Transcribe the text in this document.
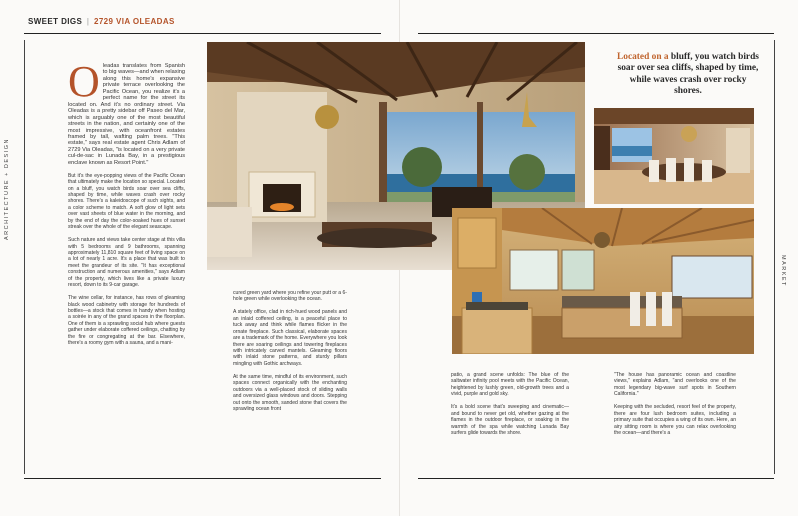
SWEET DIGS | 2729 VIA OLEADAS
ARCHITECTURE + DESIGN
MARKET
O leadas translates from Spanish to big waves—and when relaxing along this home's expansive private terrace overlooking the Pacific Ocean, you realize it's a perfect name for the street its located on. And it's no ordinary street. Via Oleadas is a pretty sidebar off Paseo del Mar, which is arguably one of the most beautiful streets in the nation, and certainly one of the most impressive, with oceanfront estates framed by tall, wafting palm trees. "This estate," says real estate agent Chris Adlam of 2729 Via Oleadas, "is located on a very private cul-de-sac in Lunada Bay, in a prestigious enclave known as Resort Point."

But it's the eye-popping views of the Pacific Ocean that ultimately make the location so special. Located on a bluff, you watch birds soar over sea cliffs, shaped by time, while waves crash over rocky shores. There's a kaleidoscope of such sights, and a color scheme to match. A soft glow of light sets over vast sheets of blue water in the morning, and by the end of day the color-soaked hues of sunset streak over the whole of the elegant seascape.

Such nature and views take center stage at this villa with 5 bedrooms and 9 bathrooms, spanning approximately 11,810 square feet of living space on a lot of nearly 1 acre. It's a place that was built to meet the grandeur of its site. "It has exceptional construction and numerous amenities," says Adlam of the property, which lives like a private luxury resort, down to its 9-car garage.

The wine cellar, for instance, has rows of gleaming black wood cabinetry with storage for hundreds of bottles—a stock that comes in handy when hosting a soirée in any of the grand spaces in the floorplan. One of them is a sprawling social hub where guests gather under elaborate coffered ceilings, chatting by the fire or congregating at the bar. Elsewhere, there's a roomy gym with a sauna, and a mani-

cured green yard where you refine your putt or a 6-hole green while overlooking the ocean.

A stately office, clad in rich-hued wood panels and an inlaid coffered ceiling, is a peaceful place to tuck away and think while flames flicker in the ornate fireplace. Such classical, elaborate spaces are a trademark of the home. Everywhere you look there are soaring ceilings and towering fireplaces with intricately carved mantels. Gleaming floors with inlaid stone patterns, and sturdy pillars mingling with Gothic archways.

At the same time, mindful of its environment, such spaces connect organically with the enchanting outdoors via a well-placed stock of sliding walls and oversized glass windows and doors. Stepping out onto the smooth, sanded stone that covers the sprawling ocean front

patio, a grand scene unfolds: The blue of the saltwater infinity pool meets with the Pacific Ocean, heightened by lushly green, old-growth trees and a vivid, purple and gold sky.

It's a bold scene that's sweeping and cinematic—and bound to never get old, whether gazing at the flames in the outdoor fireplace, or soaking in the warmth of the spa while watching Lunada Bay surfers glide towards the shore.

"The house has panoramic ocean and coastline views," explains Adlam, "and overlooks one of the most legendary big-wave surf spots in Southern California."

Keeping with the secluded, resort feel of the property, there are four lush bedroom suites, including a primary suite that occupies a wing of its own. Here, an airy sitting room is where you can relax overlooking the ocean—and there's a

Located on a bluff, you watch birds soar over sea cliffs, shaped by time, while waves crash over rocky shores.
